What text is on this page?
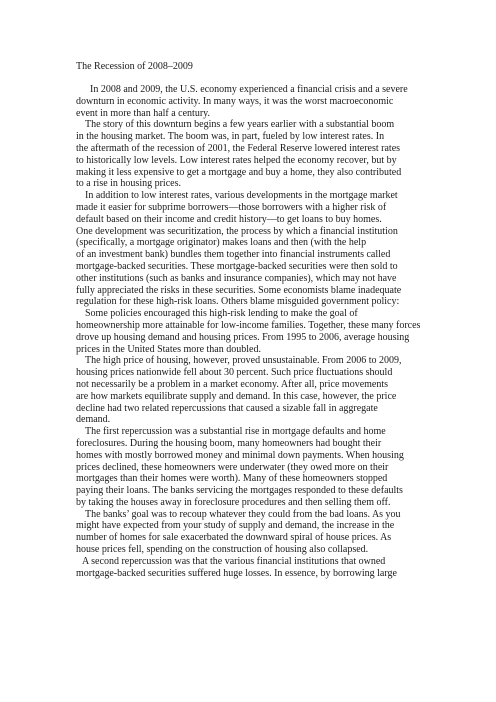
The Recession of 2008–2009
In 2008 and 2009, the U.S. economy experienced a financial crisis and a severe
downturn in economic activity. In many ways, it was the worst macroeconomic
event in more than half a century.
The story of this downturn begins a few years earlier with a substantial boom
in the housing market. The boom was, in part, fueled by low interest rates. In
the aftermath of the recession of 2001, the Federal Reserve lowered interest rates
to historically low levels. Low interest rates helped the economy recover, but by
making it less expensive to get a mortgage and buy a home, they also contributed
to a rise in housing prices.
In addition to low interest rates, various developments in the mortgage market
made it easier for subprime borrowers—those borrowers with a higher risk of
default based on their income and credit history—to get loans to buy homes.
One development was securitization, the process by which a financial institution
(specifically, a mortgage originator) makes loans and then (with the help
of an investment bank) bundles them together into financial instruments called
mortgage-backed securities. These mortgage-backed securities were then sold to
other institutions (such as banks and insurance companies), which may not have
fully appreciated the risks in these securities. Some economists blame inadequate
regulation for these high-risk loans. Others blame misguided government policy:
Some policies encouraged this high-risk lending to make the goal of
homeownership more attainable for low-income families. Together, these many forces
drove up housing demand and housing prices. From 1995 to 2006, average housing
prices in the United States more than doubled.
The high price of housing, however, proved unsustainable. From 2006 to 2009,
housing prices nationwide fell about 30 percent. Such price fluctuations should
not necessarily be a problem in a market economy. After all, price movements
are how markets equilibrate supply and demand. In this case, however, the price
decline had two related repercussions that caused a sizable fall in aggregate
demand.
The first repercussion was a substantial rise in mortgage defaults and home
foreclosures. During the housing boom, many homeowners had bought their
homes with mostly borrowed money and minimal down payments. When housing
prices declined, these homeowners were underwater (they owed more on their
mortgages than their homes were worth). Many of these homeowners stopped
paying their loans. The banks servicing the mortgages responded to these defaults
by taking the houses away in foreclosure procedures and then selling them off.
The banks’ goal was to recoup whatever they could from the bad loans. As you
might have expected from your study of supply and demand, the increase in the
number of homes for sale exacerbated the downward spiral of house prices. As
house prices fell, spending on the construction of housing also collapsed.
A second repercussion was that the various financial institutions that owned
mortgage-backed securities suffered huge losses. In essence, by borrowing large
